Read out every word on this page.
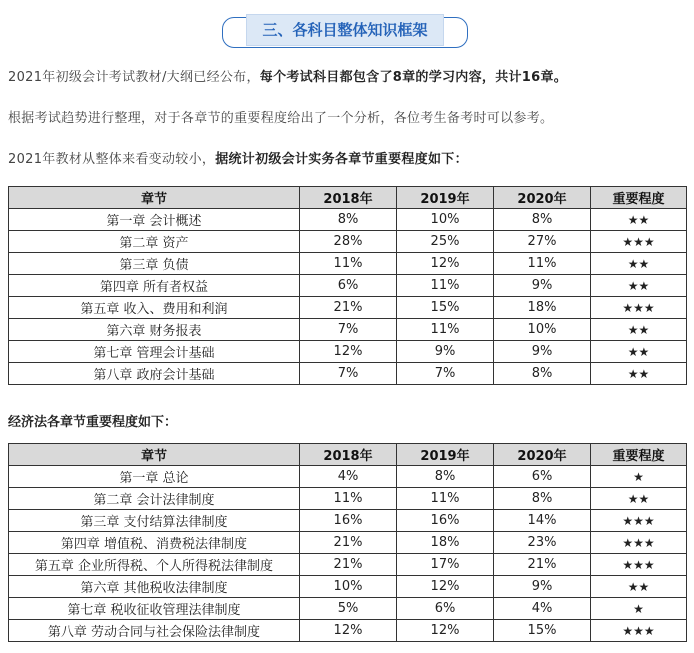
三、各科目整体知识框架
2021年初级会计考试教材/大纲已经公布，每个考试科目都包含了8章的学习内容，共计16章。
根据考试趋势进行整理，对于各章节的重要程度给出了一个分析，各位考生备考时可以参考。
2021年教材从整体来看变动较小，据统计初级会计实务各章节重要程度如下：
章节	2018年	2019年	2020年	重要程度
第一章 会计概述	8%	10%	8%	★★
第二章 资产	28%	25%	27%	★★★
第三章 负债	11%	12%	11%	★★
第四章 所有者权益	6%	11%	9%	★★
第五章 收入、费用和利润	21%	15%	18%	★★★
第六章 财务报表	7%	11%	10%	★★
第七章 管理会计基础	12%	9%	9%	★★
第八章 政府会计基础	7%	7%	8%	★★
经济法各章节重要程度如下：
章节	2018年	2019年	2020年	重要程度
第一章 总论	4%	8%	6%	★
第二章 会计法律制度	11%	11%	8%	★★
第三章 支付结算法律制度	16%	16%	14%	★★★
第四章 增值税、消费税法律制度	21%	18%	23%	★★★
第五章 企业所得税、个人所得税法律制度	21%	17%	21%	★★★
第六章 其他税收法律制度	10%	12%	9%	★★
第七章 税收征收管理法律制度	5%	6%	4%	★
第八章 劳动合同与社会保险法律制度	12%	12%	15%	★★★
